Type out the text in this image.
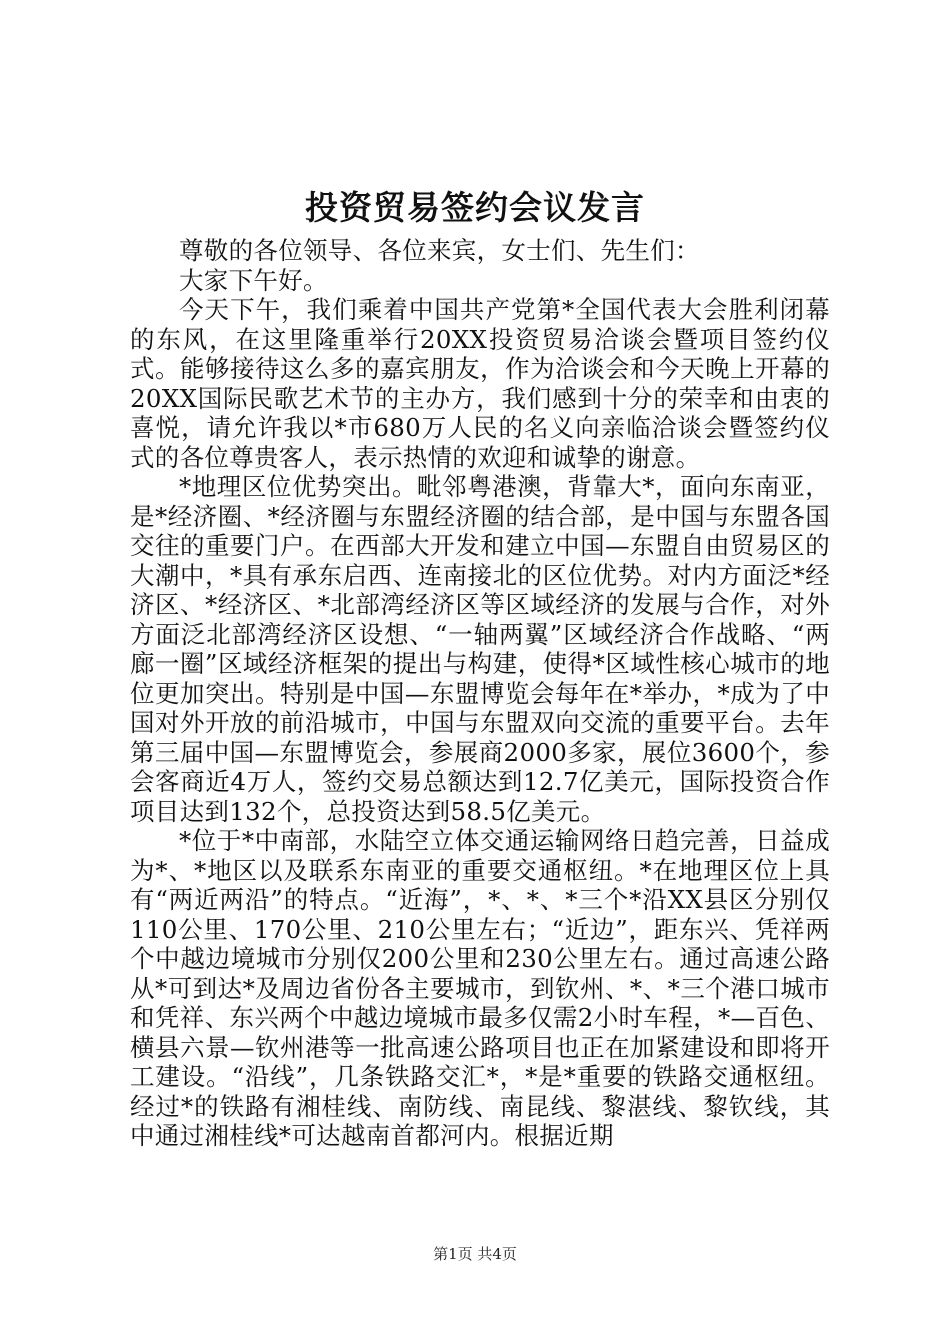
投资贸易签约会议发言

尊敬的各位领导、各位来宾，女士们、先生们：

大家下午好。

今天下午，我们乘着中国共产党第*全国代表大会胜利闭幕的东风，在这里隆重举行20XX投资贸易洽谈会暨项目签约仪式。能够接待这么多的嘉宾朋友，作为洽谈会和今天晚上开幕的20XX国际民歌艺术节的主办方，我们感到十分的荣幸和由衷的喜悦，请允许我以*市680万人民的名义向亲临洽谈会暨签约仪式的各位尊贵客人，表示热情的欢迎和诚挚的谢意。

*地理区位优势突出。毗邻粤港澳，背靠大*，面向东南亚，是*经济圈、*经济圈与东盟经济圈的结合部，是中国与东盟各国交往的重要门户。在西部大开发和建立中国—东盟自由贸易区的大潮中，*具有承东启西、连南接北的区位优势。对内方面泛*经济区、*经济区、*北部湾经济区等区域经济的发展与合作，对外方面泛北部湾经济区设想、“一轴两翼”区域经济合作战略、“两廊一圈”区域经济框架的提出与构建，使得*区域性核心城市的地位更加突出。特别是中国—东盟博览会每年在*举办，*成为了中国对外开放的前沿城市，中国与东盟双向交流的重要平台。去年第三届中国—东盟博览会，参展商2000多家，展位3600个，参会客商近4万人，签约交易总额达到12.7亿美元，国际投资合作项目达到132个，总投资达到58.5亿美元。

*位于*中南部，水陆空立体交通运输网络日趋完善，日益成为*、*地区以及联系东南亚的重要交通枢纽。*在地理区位上具有“两近两沿”的特点。“近海”，*、*、*三个*沿XX县区分别仅110公里、170公里、210公里左右；“近边”，距东兴、凭祥两个中越边境城市分别仅200公里和230公里左右。通过高速公路从*可到达*及周边省份各主要城市，到钦州、*、*三个港口城市和凭祥、东兴两个中越边境城市最多仅需2小时车程，*—百色、横县六景—钦州港等一批高速公路项目也正在加紧建设和即将开工建设。“沿线”，几条铁路交汇*，*是*重要的铁路交通枢纽。经过*的铁路有湘桂线、南防线、南昆线、黎湛线、黎钦线，其中通过湘桂线*可达越南首都河内。根据近期

第1页 共4页
